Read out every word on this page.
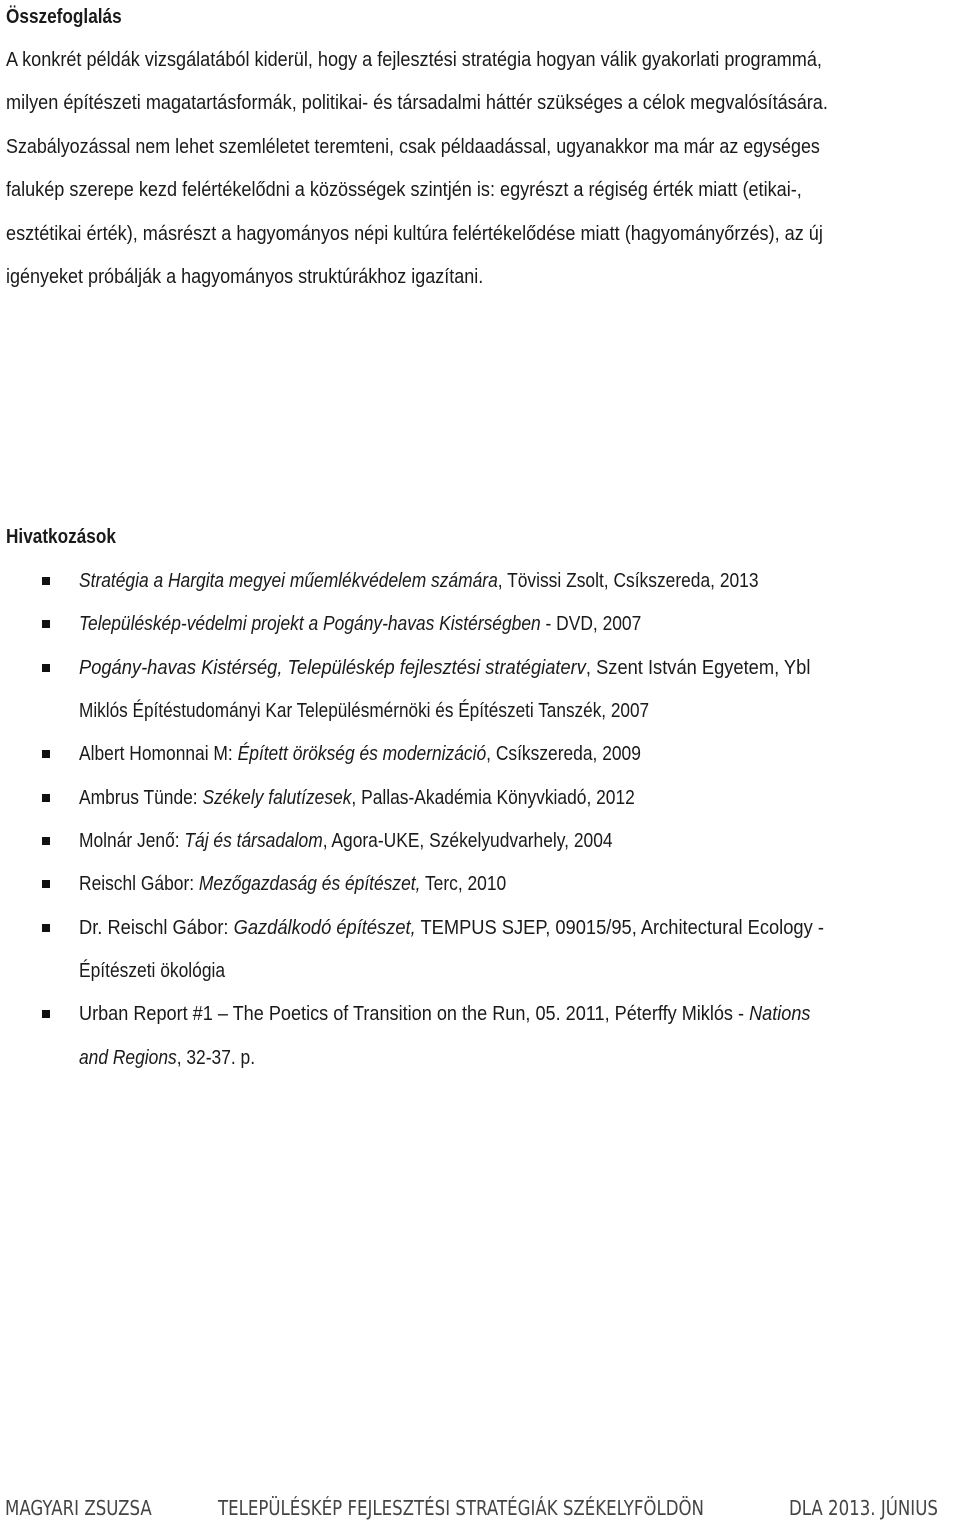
Összefoglalás
A konkrét példák vizsgálatából kiderül, hogy a fejlesztési stratégia hogyan válik gyakorlati programmá,
milyen építészeti magatartásformák, politikai- és társadalmi háttér szükséges a célok megvalósítására.
Szabályozással nem lehet szemléletet teremteni, csak példaadással, ugyanakkor ma már az egységes
falukép szerepe kezd felértékelődni a közösségek szintjén is: egyrészt a régiség érték miatt (etikai-,
esztétikai érték), másrészt a hagyományos népi kultúra felértékelődése miatt (hagyományőrzés), az új
igényeket próbálják a hagyományos struktúrákhoz igazítani.
Hivatkozások
Stratégia a Hargita megyei műemlékvédelem számára, Tövissi Zsolt, Csíkszereda, 2013
Településkép-védelmi projekt a Pogány-havas Kistérségben - DVD, 2007
Pogány-havas Kistérség, Településkép fejlesztési stratégiaterv, Szent István Egyetem, Ybl
Miklós Építéstudományi Kar Településmérnöki és Építészeti Tanszék, 2007
Albert Homonnai M: Épített örökség és modernizáció, Csíkszereda, 2009
Ambrus Tünde: Székely falutízesek, Pallas-Akadémia Könyvkiadó, 2012
Molnár Jenő: Táj és társadalom, Agora-UKE, Székelyudvarhely, 2004
Reischl Gábor: Mezőgazdaság és építészet, Terc, 2010
Dr. Reischl Gábor: Gazdálkodó építészet, TEMPUS SJEP, 09015/95, Architectural Ecology -
Építészeti ökológia
Urban Report #1 – The Poetics of Transition on the Run, 05. 2011, Péterffy Miklós - Nations
and Regions, 32-37. p.
MAGYARI ZSUZSA	TELEPÜLÉSKÉP FEJLESZTÉSI STRATÉGIÁK SZÉKELYFÖLDÖN	DLA 2013. JÚNIUS
